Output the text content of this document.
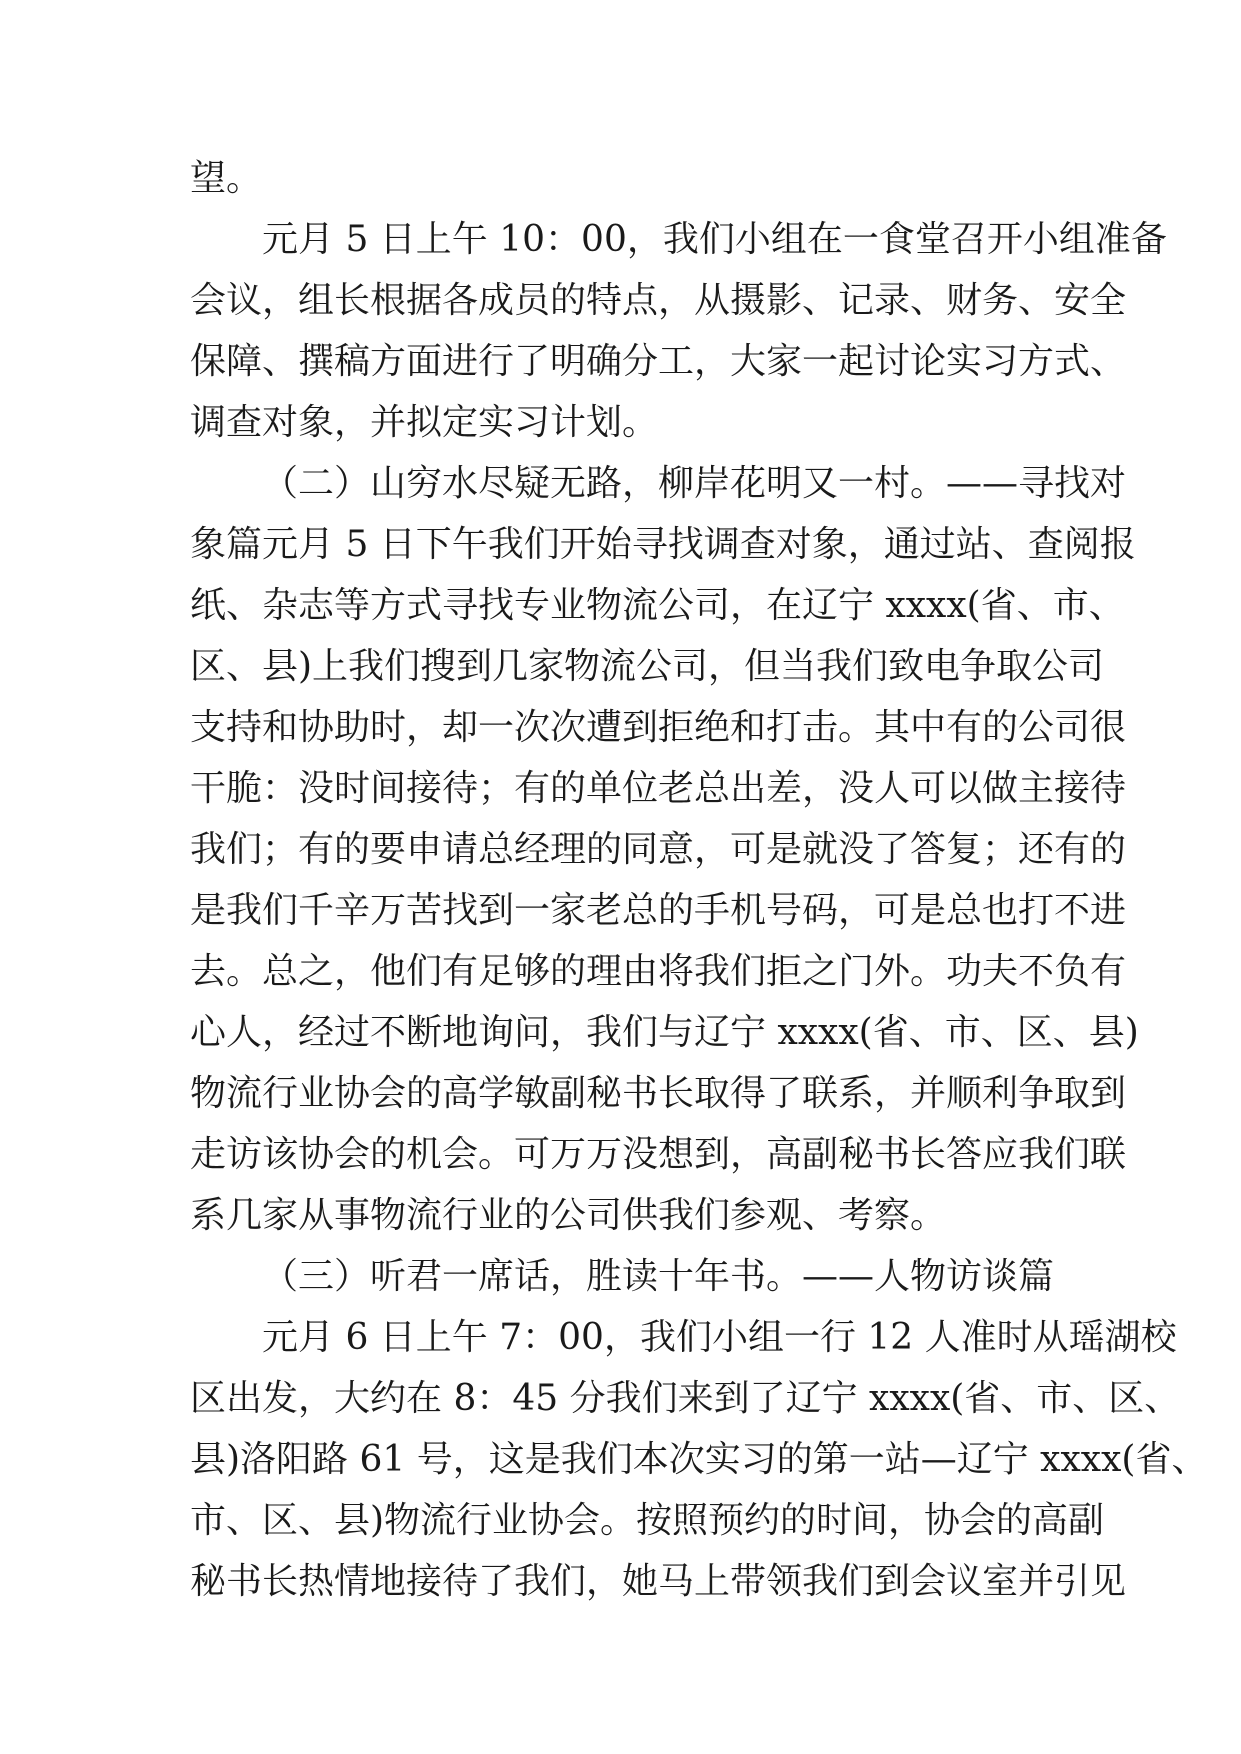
望。
元月 5 日上午 10：00，我们小组在一食堂召开小组准备
会议，组长根据各成员的特点，从摄影、记录、财务、安全
保障、撰稿方面进行了明确分工，大家一起讨论实习方式、
调查对象，并拟定实习计划。
（二）山穷水尽疑无路，柳岸花明又一村。——寻找对
象篇元月 5 日下午我们开始寻找调查对象，通过站、查阅报
纸、杂志等方式寻找专业物流公司，在辽宁 xxxx(省、市、
区、县)上我们搜到几家物流公司，但当我们致电争取公司
支持和协助时，却一次次遭到拒绝和打击。其中有的公司很
干脆：没时间接待；有的单位老总出差，没人可以做主接待
我们；有的要申请总经理的同意，可是就没了答复；还有的
是我们千辛万苦找到一家老总的手机号码，可是总也打不进
去。总之，他们有足够的理由将我们拒之门外。功夫不负有
心人，经过不断地询问，我们与辽宁 xxxx(省、市、区、县)
物流行业协会的高学敏副秘书长取得了联系，并顺利争取到
走访该协会的机会。可万万没想到，高副秘书长答应我们联
系几家从事物流行业的公司供我们参观、考察。
（三）听君一席话，胜读十年书。——人物访谈篇
元月 6 日上午 7：00，我们小组一行 12 人准时从瑶湖校
区出发，大约在 8：45 分我们来到了辽宁 xxxx(省、市、区、
县)洛阳路 61 号，这是我们本次实习的第一站—辽宁 xxxx(省、
市、区、县)物流行业协会。按照预约的时间，协会的高副
秘书长热情地接待了我们，她马上带领我们到会议室并引见
